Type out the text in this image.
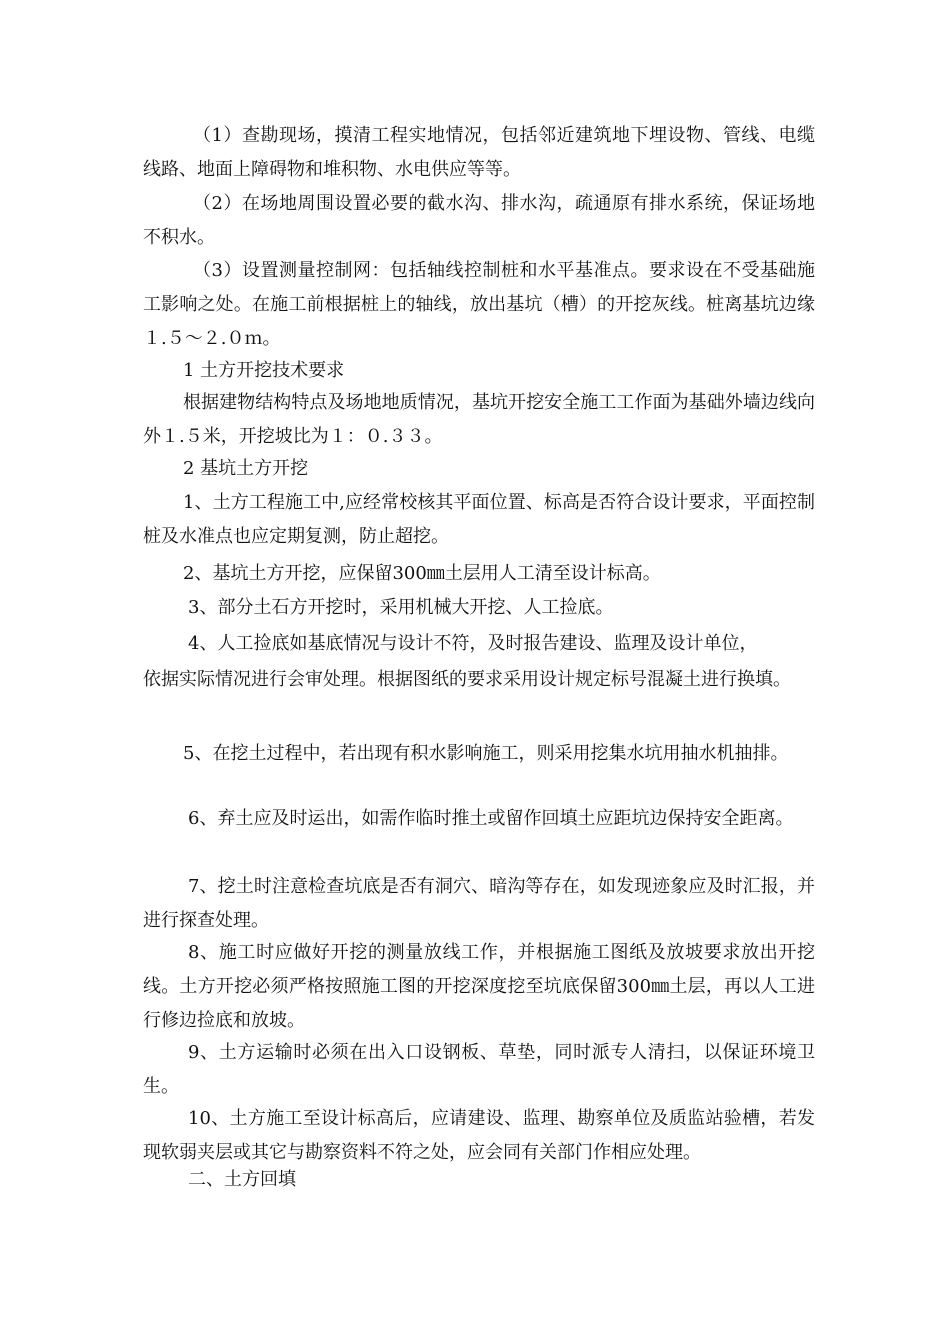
（1）查勘现场，摸清工程实地情况，包括邻近建筑地下埋设物、管线、电缆线路、地面上障碍物和堆积物、水电供应等等。

（2）在场地周围设置必要的截水沟、排水沟，疏通原有排水系统，保证场地不积水。

（3）设置测量控制网：包括轴线控制桩和水平基准点。要求设在不受基础施工影响之处。在施工前根据桩上的轴线，放出基坑（槽）的开挖灰线。桩离基坑边缘１.５～２.０ｍ。

1 土方开挖技术要求

根据建物结构特点及场地地质情况，基坑开挖安全施工工作面为基础外墙边线向外１.５米，开挖坡比为１：０.３３。

2 基坑土方开挖

1、土方工程施工中,应经常校核其平面位置、标高是否符合设计要求，平面控制桩及水准点也应定期复测，防止超挖。

2、基坑土方开挖，应保留300㎜土层用人工清至设计标高。

3、部分土石方开挖时，采用机械大开挖、人工捡底。

4、人工捡底如基底情况与设计不符，及时报告建设、监理及设计单位，

依据实际情况进行会审处理。根据图纸的要求采用设计规定标号混凝土进行换填。

5、在挖土过程中，若出现有积水影响施工，则采用挖集水坑用抽水机抽排。

6、弃土应及时运出，如需作临时推土或留作回填土应距坑边保持安全距离。

7、挖土时注意检查坑底是否有洞穴、暗沟等存在，如发现迹象应及时汇报，并进行探查处理。

8、施工时应做好开挖的测量放线工作，并根据施工图纸及放坡要求放出开挖线。土方开挖必须严格按照施工图的开挖深度挖至坑底保留300㎜土层，再以人工进行修边捡底和放坡。

9、土方运输时必须在出入口设钢板、草垫，同时派专人清扫，以保证环境卫生。

10、土方施工至设计标高后，应请建设、监理、勘察单位及质监站验槽，若发现软弱夹层或其它与勘察资料不符之处，应会同有关部门作相应处理。

二、土方回填
